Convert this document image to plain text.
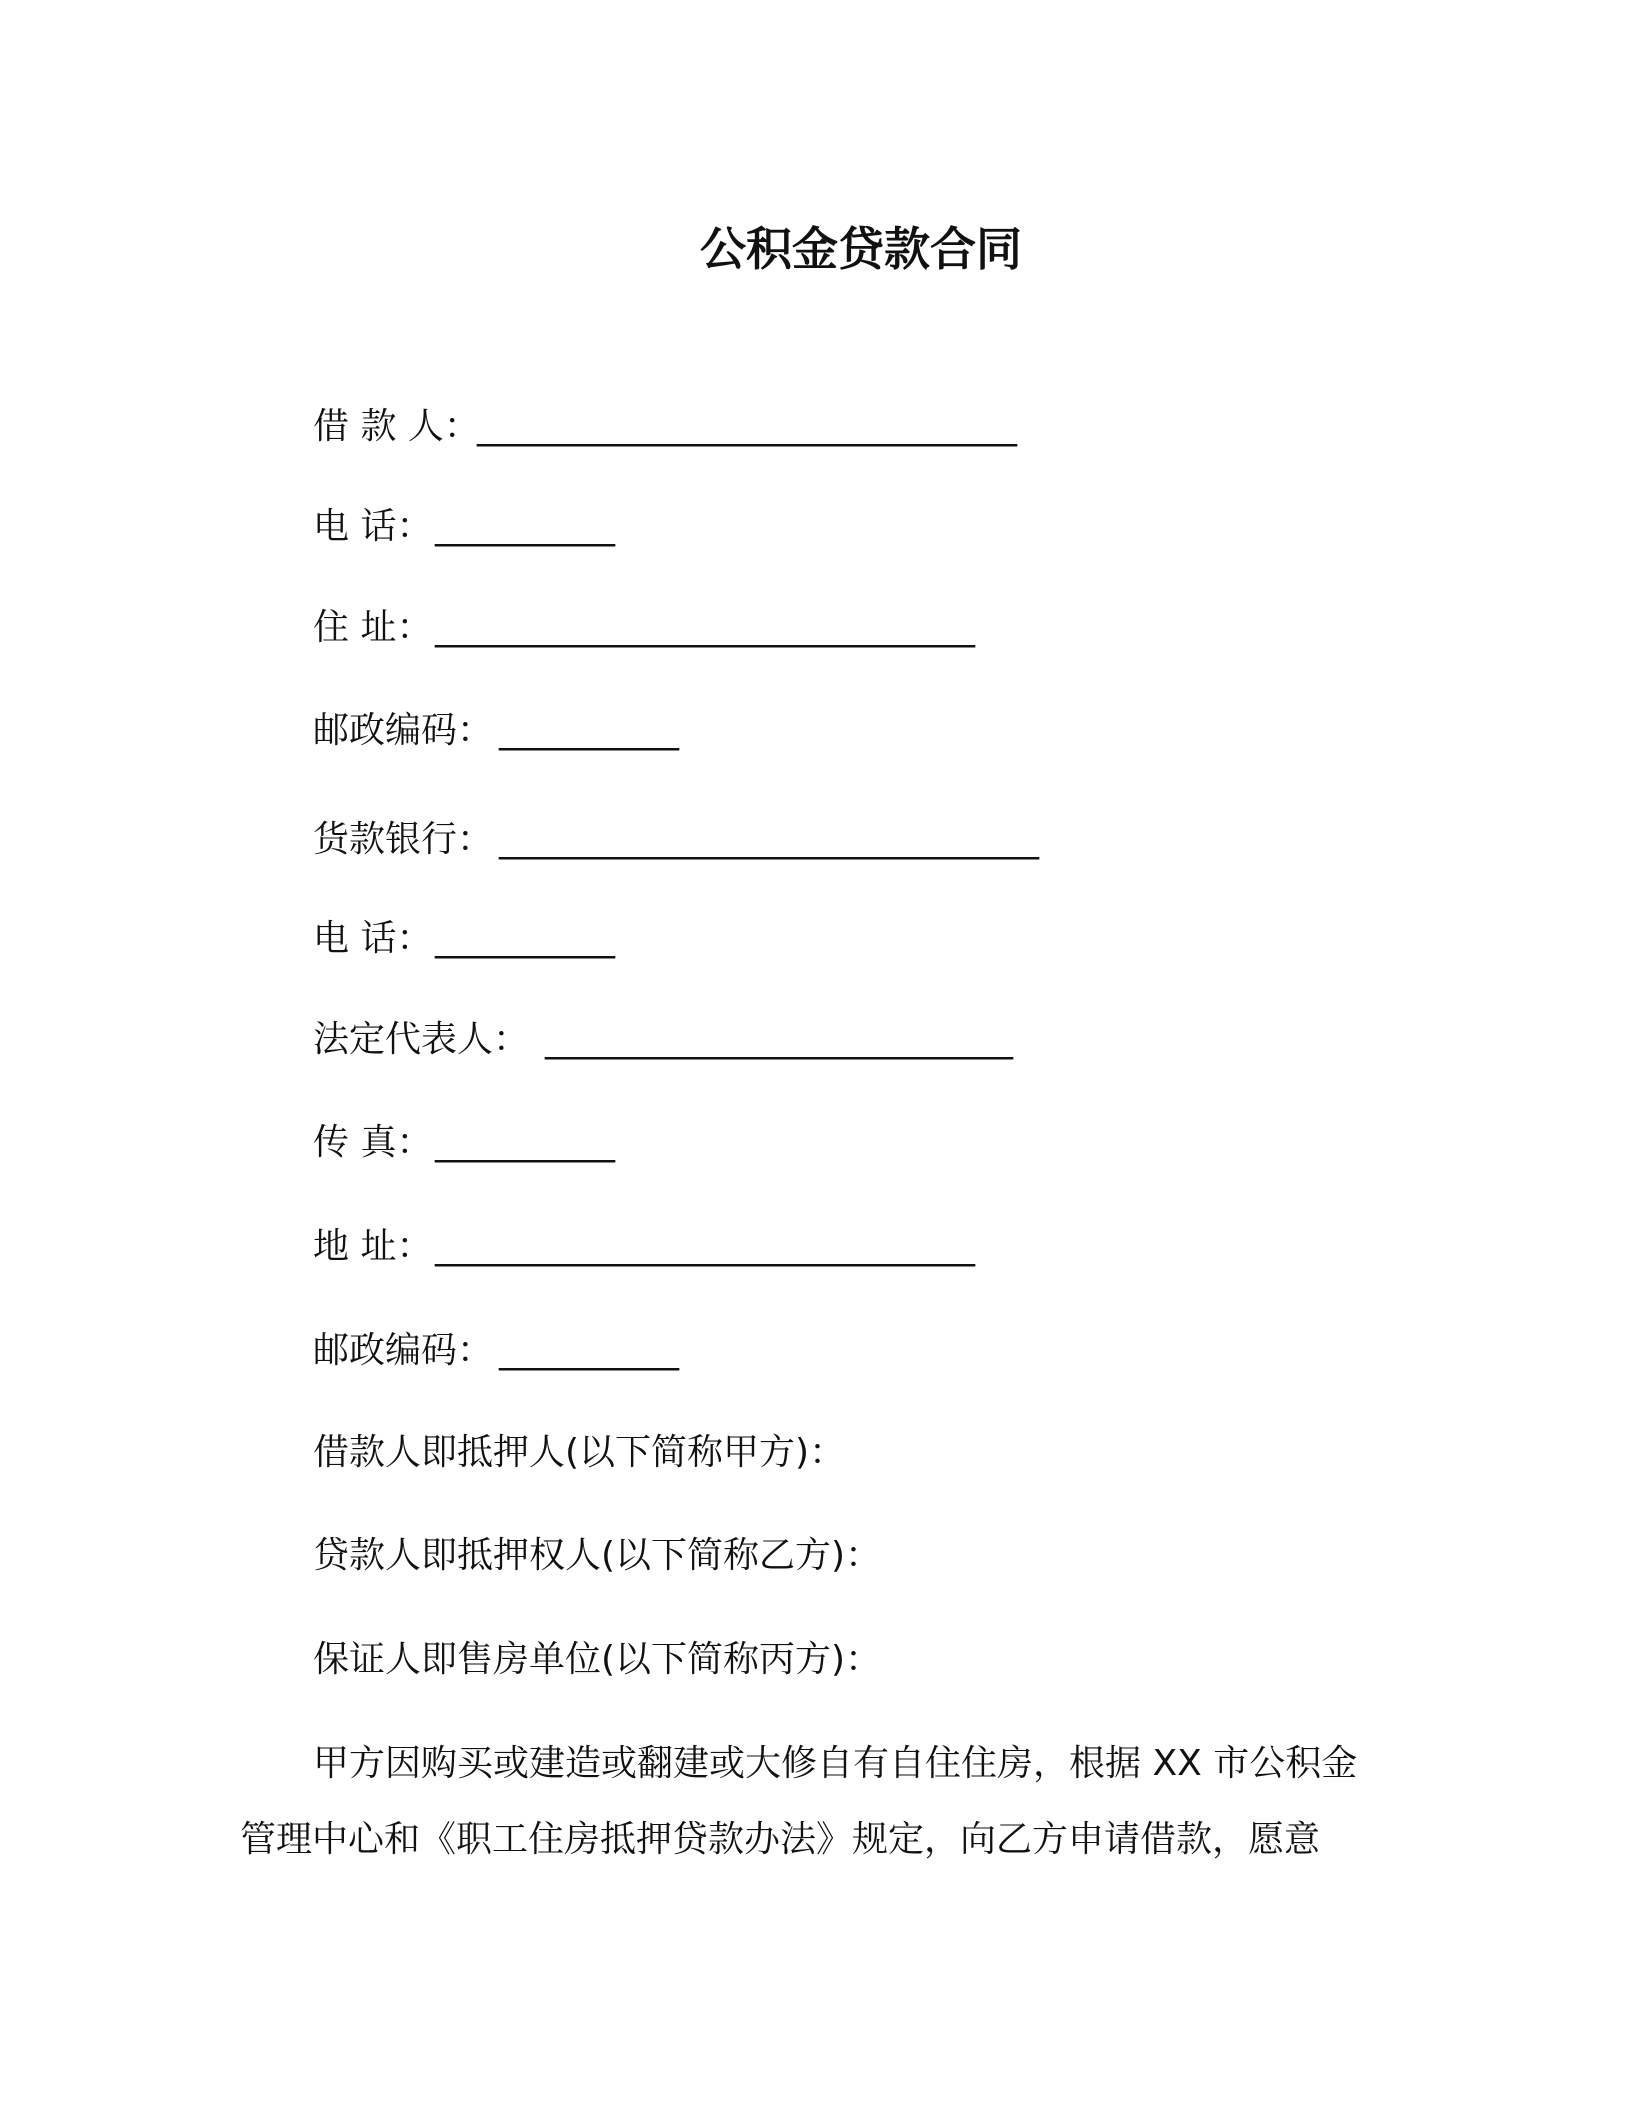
公积金贷款合同
借 款 人：
______________________________
电 话： __________
住 址： ______________________________
邮政编码： __________
货款银行： ______________________________
电 话： __________
法定代表人： __________________________
传 真： __________
地 址： ______________________________
邮政编码： __________
借款人即抵押人(以下简称甲方)：
贷款人即抵押权人(以下简称乙方)：
保证人即售房单位(以下简称丙方)：
甲方因购买或建造或翻建或大修自有自住住房，根据 XX 市公积金
管理中心和《职工住房抵押贷款办法》规定，向乙方申请借款，愿意
